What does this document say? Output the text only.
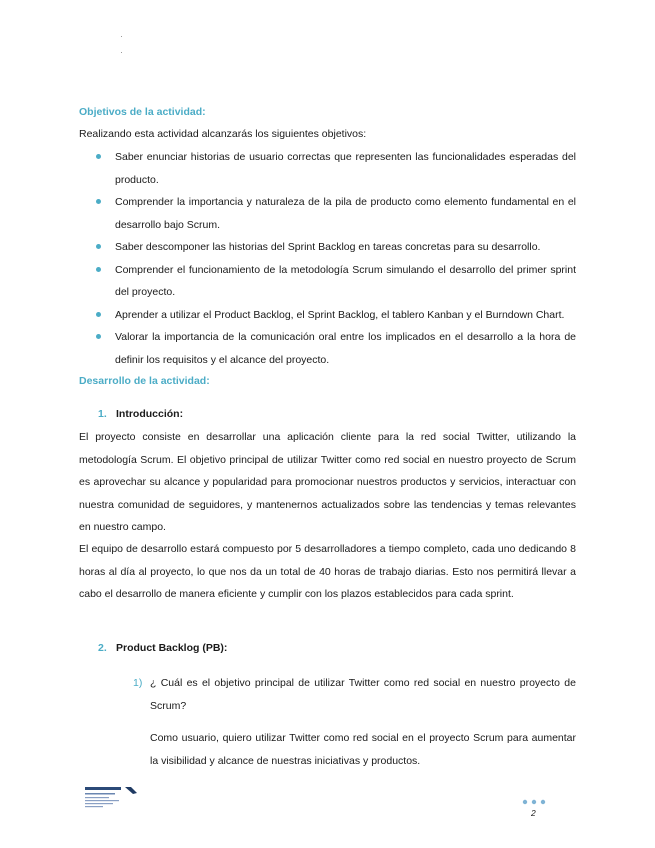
Objetivos de la actividad:
Realizando esta actividad alcanzarás los siguientes objetivos:
Saber enunciar historias de usuario correctas que representen las funcionalidades esperadas del producto.
Comprender la importancia y naturaleza de la pila de producto como elemento fundamental en el desarrollo bajo Scrum.
Saber descomponer las historias del Sprint Backlog en tareas concretas para su desarrollo.
Comprender el funcionamiento de la metodología Scrum simulando el desarrollo del primer sprint del proyecto.
Aprender a utilizar el Product Backlog, el Sprint Backlog, el tablero Kanban y el Burndown Chart.
Valorar la importancia de la comunicación oral entre los implicados en el desarrollo a la hora de definir los requisitos y el alcance del proyecto.
Desarrollo de la actividad:
1. Introducción:
El proyecto consiste en desarrollar una aplicación cliente para la red social Twitter, utilizando la metodología Scrum. El objetivo principal de utilizar Twitter como red social en nuestro proyecto de Scrum es aprovechar su alcance y popularidad para promocionar nuestros productos y servicios, interactuar con nuestra comunidad de seguidores, y mantenernos actualizados sobre las tendencias y temas relevantes en nuestro campo.
El equipo de desarrollo estará compuesto por 5 desarrolladores a tiempo completo, cada uno dedicando 8 horas al día al proyecto, lo que nos da un total de 40 horas de trabajo diarias. Esto nos permitirá llevar a cabo el desarrollo de manera eficiente y cumplir con los plazos establecidos para cada sprint.
2. Product Backlog (PB):
1) ¿ Cuál es el objetivo principal de utilizar Twitter como red social en nuestro proyecto de Scrum?
Como usuario, quiero utilizar Twitter como red social en el proyecto Scrum para aumentar la visibilidad y alcance de nuestras iniciativas y productos.
2
